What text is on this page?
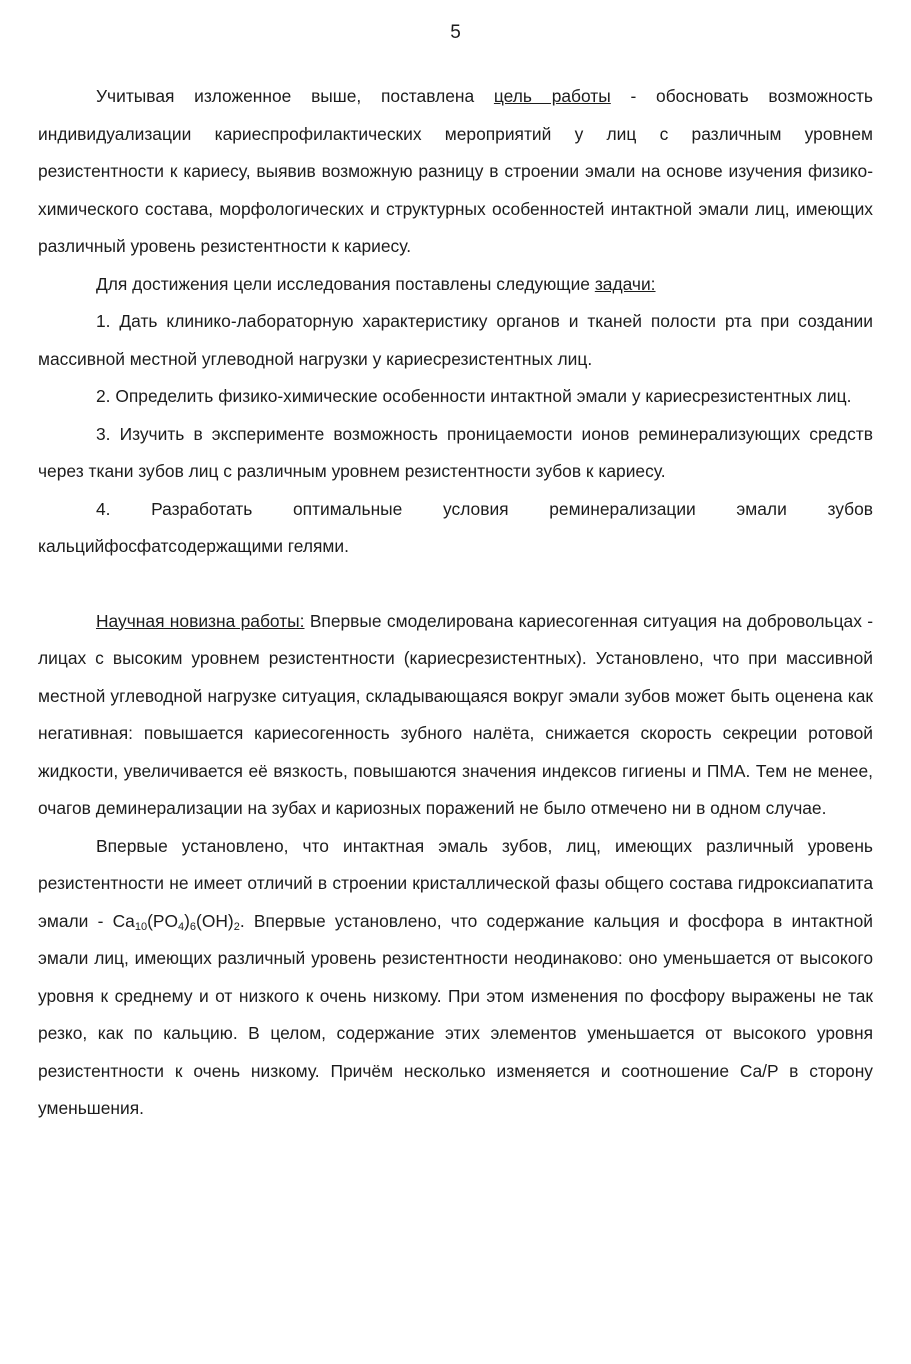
5

Учитывая изложенное выше, поставлена цель работы - обосновать возможность индивидуализации кариеспрофилактических мероприятий у лиц с различным уровнем резистентности к кариесу, выявив возможную разницу в строении эмали на основе изучения физико-химического состава, морфологических и структурных особенностей интактной эмали лиц, имеющих различный уровень резистентности к кариесу.

Для достижения цели исследования поставлены следующие задачи:

1. Дать клинико-лабораторную характеристику органов и тканей полости рта при создании массивной местной углеводной нагрузки у кариесрезистентных лиц.

2. Определить физико-химические особенности интактной эмали у кариесрезистентных лиц.

3. Изучить в эксперименте возможность проницаемости ионов реминерализующих средств через ткани зубов лиц с различным уровнем резистентности зубов к кариесу.

4. Разработать оптимальные условия реминерализации эмали зубов кальцийфосфатсодержащими гелями.

Научная новизна работы: Впервые смоделирована кариесогенная ситуация на добровольцах - лицах с высоким уровнем резистентности (кариесрезистентных). Установлено, что при массивной местной углеводной нагрузке ситуация, складывающаяся вокруг эмали зубов может быть оценена как негативная: повышается кариесогенность зубного налёта, снижается скорость секреции ротовой жидкости, увеличивается её вязкость, повышаются значения индексов гигиены и ПМА. Тем не менее, очагов деминерализации на зубах и кариозных поражений не было отмечено ни в одном случае.

Впервые установлено, что интактная эмаль зубов, лиц, имеющих различный уровень резистентности не имеет отличий в строении кристаллической фазы общего состава гидроксиапатита эмали - $Ca_{10}(PO_4)_6(OH)_2$. Впервые установлено, что содержание кальция и фосфора в интактной эмали лиц, имеющих различный уровень резистентности неодинаково: оно уменьшается от высокого уровня к среднему и от низкого к очень низкому. При этом изменения по фосфору выражены не так резко, как по кальцию. В целом, содержание этих элементов уменьшается от высокого уровня резистентности к очень низкому. Причём несколько изменяется и соотношение Ca/P в сторону уменьшения.
